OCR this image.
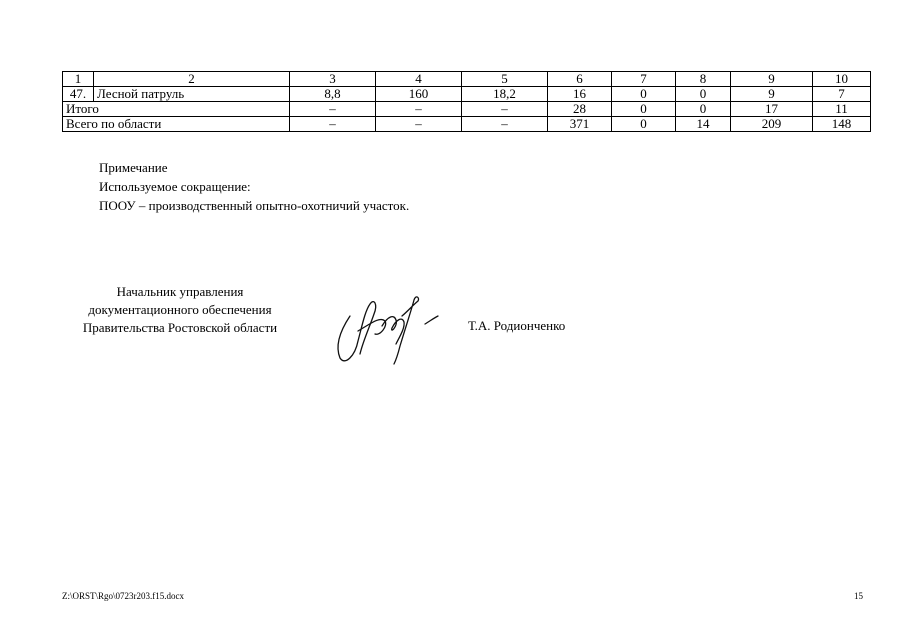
1	2	3	4	5	6	7	8	9	10
47.	Лесной патруль	8,8	160	18,2	16	0	0	9	7
Итого		–	–	–	28	0	0	17	11
Всего по области		–	–	–	371	0	14	209	148
Примечание
Используемое сокращение:
ПООУ – производственный опытно-охотничий участок.
Начальник управления
документационного обеспечения
Правительства Ростовской области	Т.А. Родионченко
Z:\ORST\Rgo\0723r203.f15.docx	15
